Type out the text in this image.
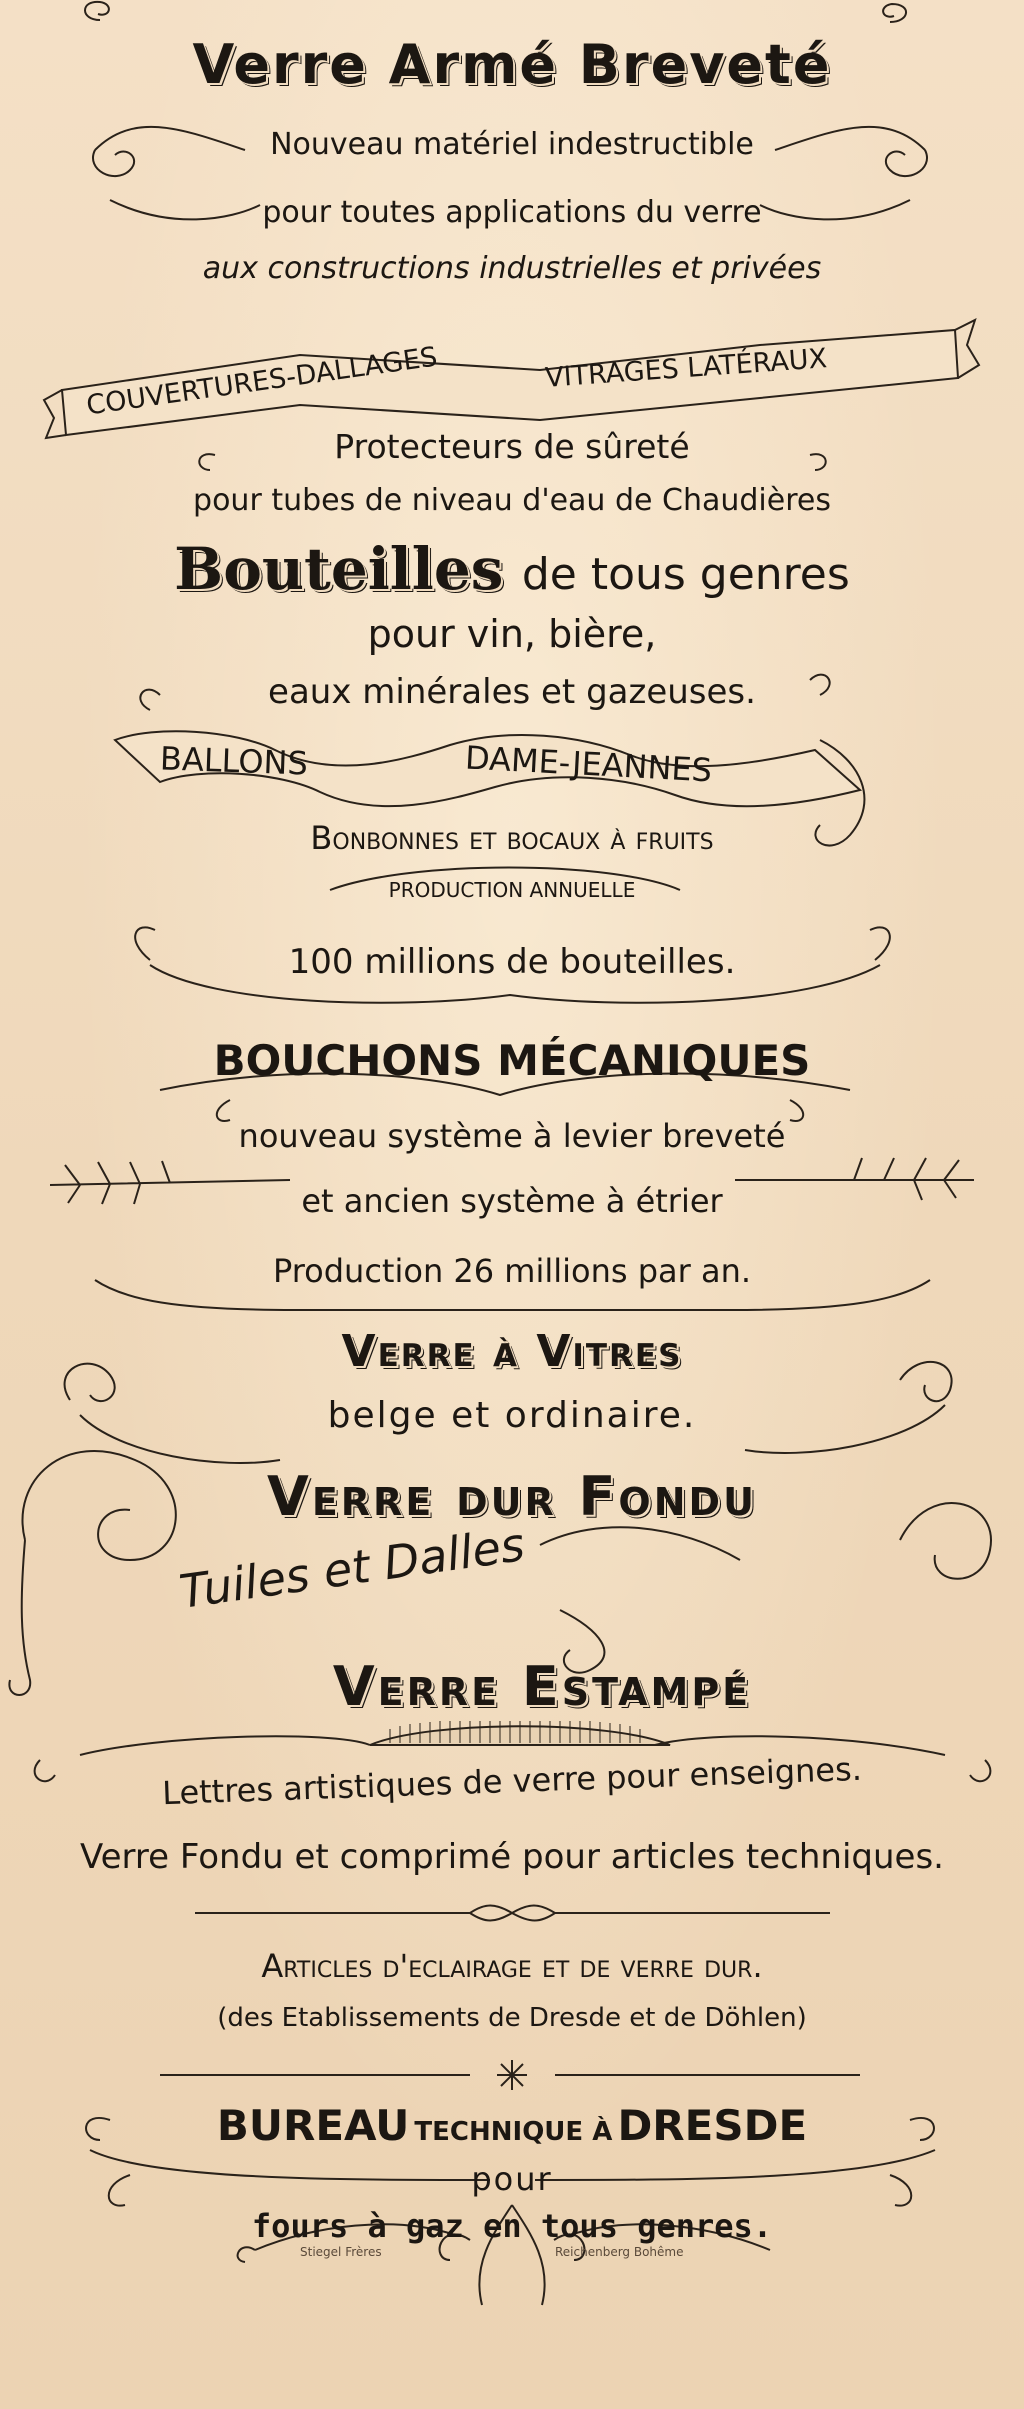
Verre Armé Breveté
Nouveau matériel indestructible
pour toutes applications du verre
aux constructions industrielles et privées
COUVERTURES-DALLAGES	VITRAGES LATÉRAUX
Protecteurs de sûreté
pour tubes de niveau d'eau de Chaudières
Bouteilles de tous genres
pour vin, bière,
eaux minérales et gazeuses.
BALLONS	DAME-JEANNES
Bonbonnes et bocaux à fruits
PRODUCTION ANNUELLE
100 millions de bouteilles.
BOUCHONS MÉCANIQUES
nouveau système à levier breveté
et ancien système à étrier
Production 26 millions par an.
Verre à Vitres
belge et ordinaire.
Verre dur Fondu
Tuiles et Dalles
Verre Estampé
Lettres artistiques de verre pour enseignes.
Verre Fondu et comprimé pour articles techniques.
Articles d'eclairage et de verre dur.
(des Etablissements de Dresde et de Döhlen)
BUREAU TECHNIQUE À DRESDE
pour
fours à gaz en tous genres.
Stiegel Frères	Reichenberg Bohême
